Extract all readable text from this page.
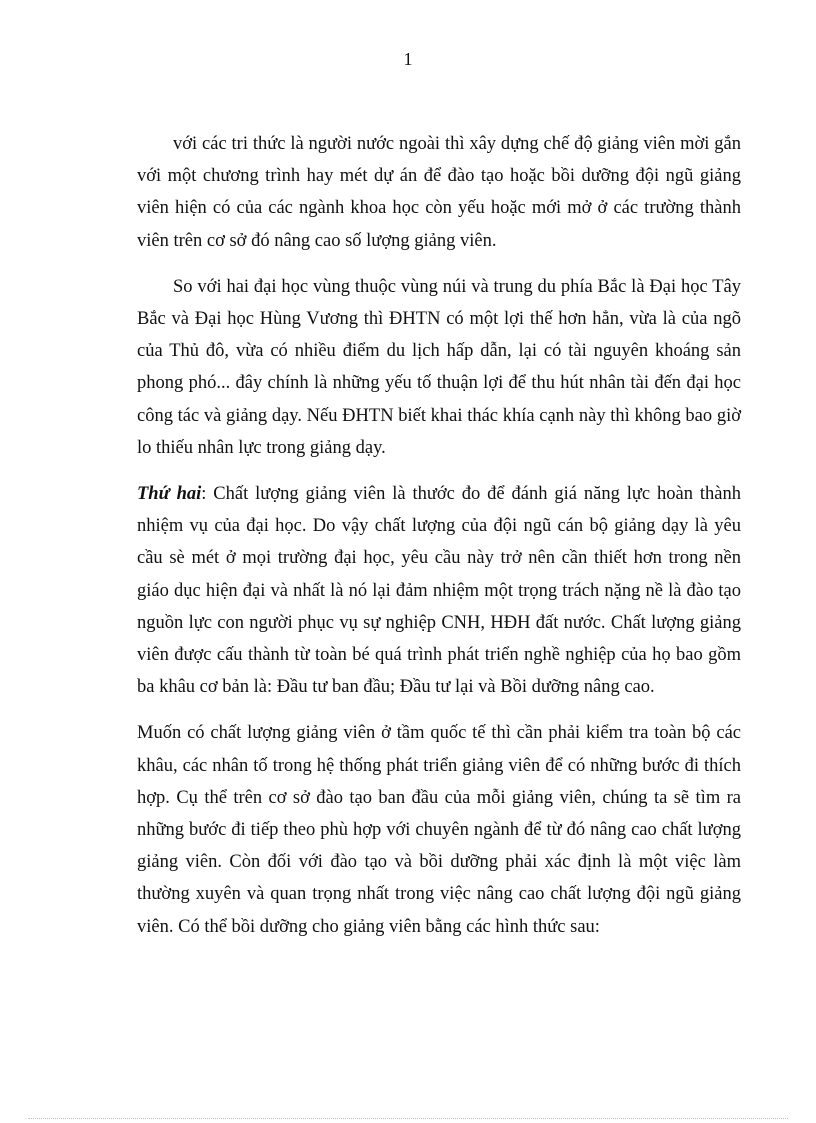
1

với các tri thức là người nước ngoài thì xây dựng chế độ giảng viên mời gắn với một chương trình hay mét dự án để đào tạo hoặc bồi dưỡng đội ngũ giảng viên hiện có của các ngành khoa học còn yếu hoặc mới mở ở các trường thành viên trên cơ sở đó nâng cao số lượng giảng viên.

So với hai đại học vùng thuộc vùng núi và trung du phía Bắc là Đại học Tây Bắc và Đại học Hùng Vương thì ĐHTN có một lợi thế hơn hẳn, vừa là của ngõ của Thủ đô, vừa có nhiều điểm du lịch hấp dẫn, lại có tài nguyên khoáng sản phong phó... đây chính là những yếu tố thuận lợi để thu hút nhân tài đến đại học công tác và giảng dạy. Nếu ĐHTN biết khai thác khía cạnh này thì không bao giờ lo thiếu nhân lực trong giảng dạy.

Thứ hai: Chất lượng giảng viên là thước đo để đánh giá năng lực hoàn thành nhiệm vụ của đại học. Do vậy chất lượng của đội ngũ cán bộ giảng dạy là yêu cầu sè mét ở mọi trường đại học, yêu cầu này trở nên cần thiết hơn trong nền giáo dục hiện đại và nhất là nó lại đảm nhiệm một trọng trách nặng nề là đào tạo nguồn lực con người phục vụ sự nghiệp CNH, HĐH đất nước. Chất lượng giảng viên được cấu thành từ toàn bé quá trình phát triển nghề nghiệp của họ bao gồm ba khâu cơ bản là: Đầu tư ban đầu; Đầu tư lại và Bồi dưỡng nâng cao.

Muốn có chất lượng giảng viên ở tầm quốc tế thì cần phải kiểm tra toàn bộ các khâu, các nhân tố trong hệ thống phát triển giảng viên để có những bước đi thích hợp. Cụ thể trên cơ sở đào tạo ban đầu của mỗi giảng viên, chúng ta sẽ tìm ra những bước đi tiếp theo phù hợp với chuyên ngành để từ đó nâng cao chất lượng giảng viên. Còn đối với đào tạo và bồi dưỡng phải xác định là một việc làm thường xuyên và quan trọng nhất trong việc nâng cao chất lượng đội ngũ giảng viên. Có thể bồi dưỡng cho giảng viên bằng các hình thức sau:
